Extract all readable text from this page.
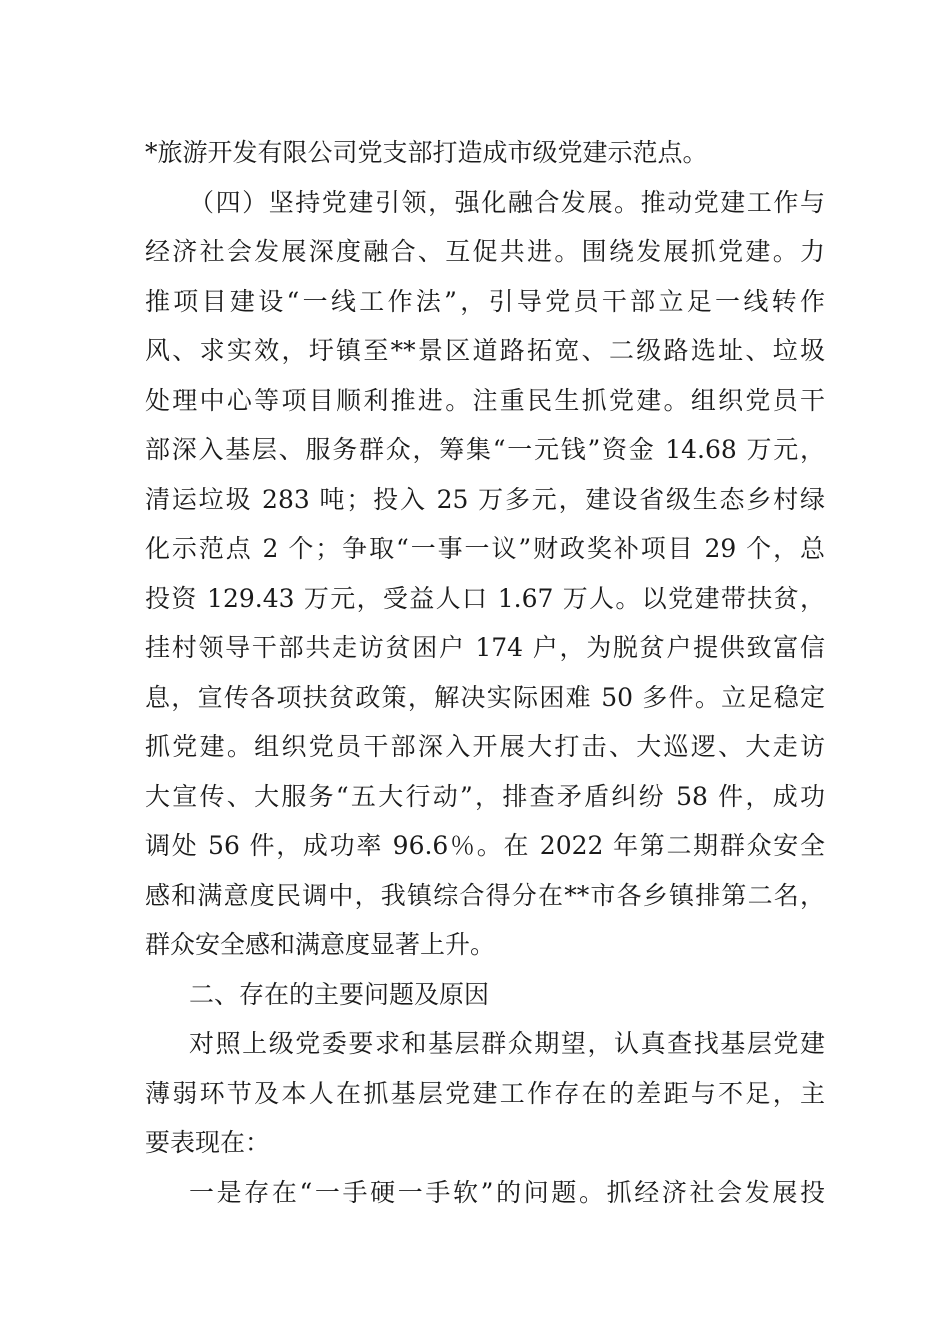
*旅游开发有限公司党支部打造成市级党建示范点。
（四）坚持党建引领，强化融合发展。推动党建工作与
经济社会发展深度融合、互促共进。围绕发展抓党建。力
推项目建设“一线工作法”，引导党员干部立足一线转作
风、求实效，圩镇至**景区道路拓宽、二级路选址、垃圾
处理中心等项目顺利推进。注重民生抓党建。组织党员干
部深入基层、服务群众，筹集“一元钱”资金 14.68 万元，
清运垃圾 283 吨；投入 25 万多元，建设省级生态乡村绿
化示范点 2 个；争取“一事一议”财政奖补项目 29 个，总
投资 129.43 万元，受益人口 1.67 万人。以党建带扶贫，
挂村领导干部共走访贫困户 174 户，为脱贫户提供致富信
息，宣传各项扶贫政策，解决实际困难 50 多件。立足稳定
抓党建。组织党员干部深入开展大打击、大巡逻、大走访
大宣传、大服务“五大行动”，排查矛盾纠纷 58 件，成功
调处 56 件，成功率 96.6％。在 2022 年第二期群众安全
感和满意度民调中，我镇综合得分在**市各乡镇排第二名，
群众安全感和满意度显著上升。
二、存在的主要问题及原因
对照上级党委要求和基层群众期望，认真查找基层党建
薄弱环节及本人在抓基层党建工作存在的差距与不足，主
要表现在：
一是存在“一手硬一手软”的问题。抓经济社会发展投
